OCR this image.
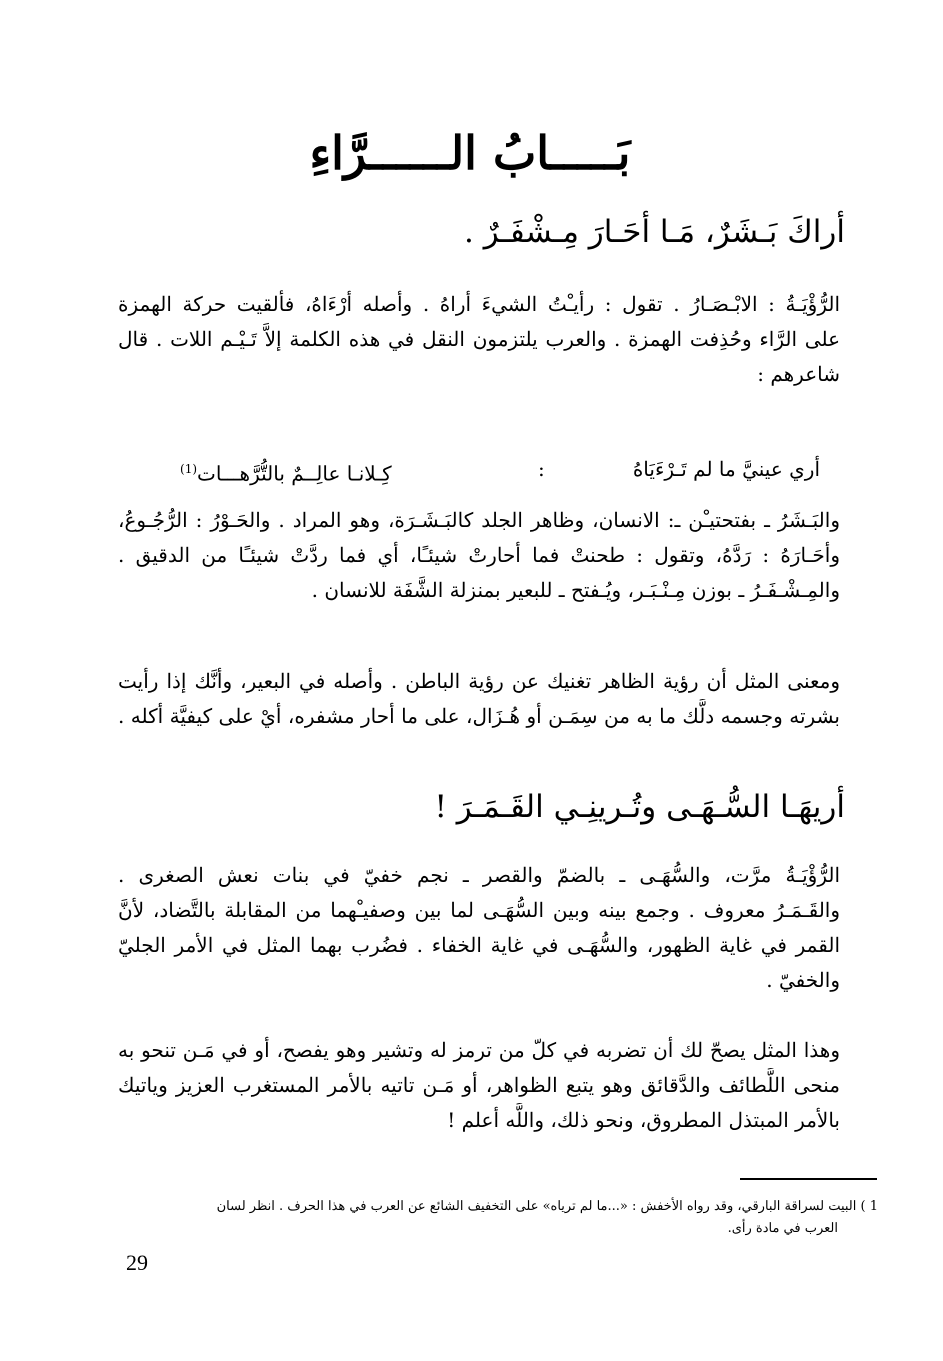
بَـــــابُ الــــــرَّاءِ
أراكَ بَـشَرٌ، مَـا أحَـارَ مِـشْفَـرٌ .
الرُّؤْيَـةُ : الابْـصَـارُ . تقول : رأيـْتُ الشيءَ أراهُ . وأصله أرْءَاهُ، فألقيت حركة الهمزة
على الرَّاء وحُذِفت الهمزة . والعرب يلتزمون النقل في هذه الكلمة إلاَّ تَـيْـم اللات . قال
شاعرهم :
أري عينيَّ ما لم تَـرْءَيَاهُ
:
كِـلانـا عالِــمٌ بالتُّرَّهـــات$^{(1)}$
والبَـشَرُ ـ بفتحتيـْن ـ: الانسان، وظاهر الجلد كالبَـشَـرَة، وهو المراد . والحَـوْرُ : الرُّجُـوعُ،
وأحَـارَهُ : رَدَّهُ، وتقول : طحنتْ فما أحارتْ شيئـًا، أي فما ردَّتْ شيئـًا من الدقيق .
والمِـشْـفَـرُ ـ بوزن مِـنْـبَـر، ويُـفتح ـ للبعير بمنزلة الشَّفَة للانسان .
ومعنى المثل أن رؤية الظاهر تغنيك عن رؤية الباطن . وأصله في البعير، وأنَّك إذا رأيت
بشرته وجسمه دلَّك ما به من سِمَـن أو هُـزَال، على ما أحار مشفره، أيْ على كيفيَّة أكله .
أريهَـا السُّـهَـى وتُـرينِـي القَـمَـرَ !
الرُّؤْيَـةُ مرَّت، والسُّهَـى ـ بالضمّ والقصر ـ نجم خفيّ في بنات نعش الصغرى .
والقَـمَـرُ معروف . وجمع بينه وبين السُّهَـى لما بين وصفيـْهما من المقابلة بالتَّضاد، لأنَّ
القمر في غاية الظهور، والسُّهَـى في غاية الخفاء . فضُرب بهما المثل في الأمر الجليّ
والخفيّ .
وهذا المثل يصحّ لك أن تضربه في كلّ من ترمز له وتشير وهو يفصح، أو في مَـن تنحو به
منحى اللَّطائف والدَّقائق وهو يتبع الظواهر، أو مَـن تاتيه بالأمر المستغرب العزيز وياتيك
بالأمر المبتذل المطروق، ونحو ذلك، واللَّه أعلم !
1 ) البيت لسراقة البارقي، وقد رواه الأخفش : «...ما لم ترياه» على التخفيف الشائع عن العرب في هذا الحرف . انظر لسان
العرب في مادة رأى.
29
